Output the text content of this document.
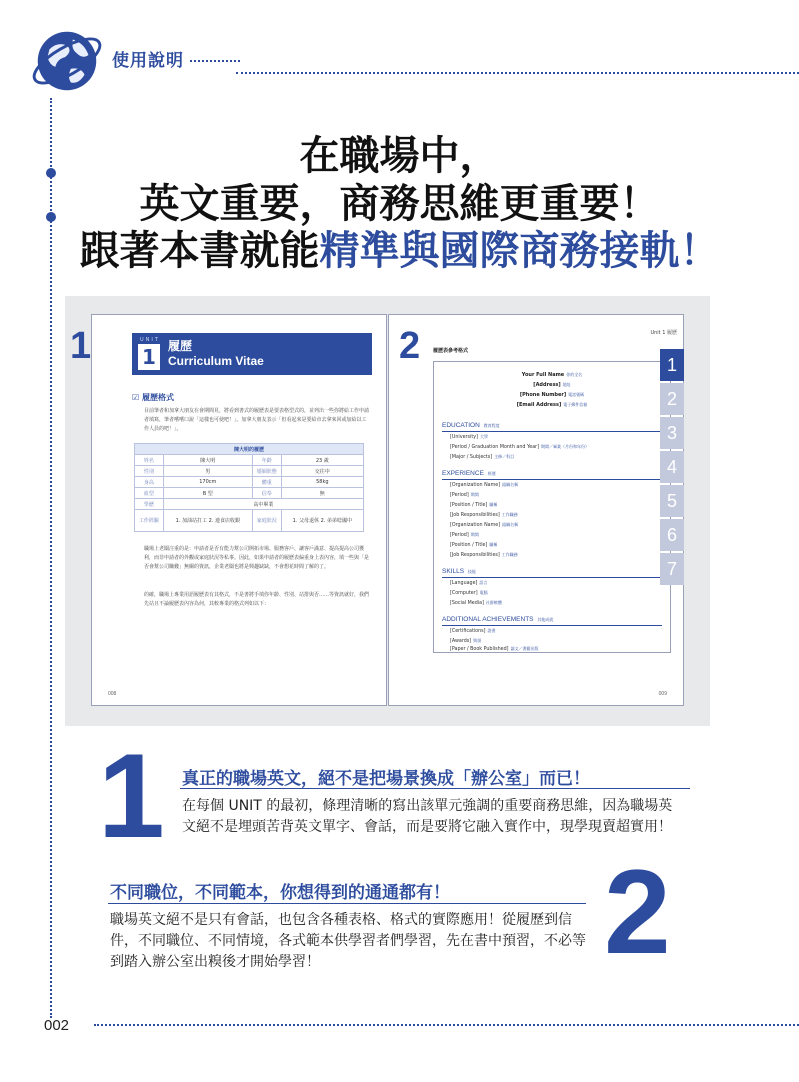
使用說明
在職場中，
英文重要，商務思維更重要！
跟著本書就能精準與國際商務接軌！
1	UNIT
1	履歷
Curriculum Vitae
☑ 履歷格式
目前筆者和加拿大朋友在會期間見，將看到書式的履歷表是要表格型式的，並列出一些你將給工作申請者填寫，筆者嚐嚐口說「這樣也可使吧！」。加拿大朋友表示「但看起來是要給市去拿來回或加給以工作人員的吧！」。
陳大明的履歷			
姓名	陳大明	年齡	23 歲
性別	男	婚姻狀態	交往中
身高	170cm	體重	58kg
血型	B 型	信奉	無
學歷	高中畢業		
工作經驗	1. 加油站打工 2. 連食店收銀	家庭狀況	1. 父母退休 2. 弟弟唸國中
職場上老闆注重的是：申請者是否有能力幫公司開拓市場、服務客戶、讓客戶滿意、提高提高公司獲利，而非申請者的外觀或家庭狀況等私事。因此，如果申請者的履歷表偏重身上表內容，填一些與「是否會幫公司賺錢」無關的資訊，企業老闆也將是興趣缺缺，不會想花時間了解的了。
的確，職場上專業用語履歷表有其格式，不是書將手填你年齡、性別、站排與否……等資訊就好，我們先站且不論履歷表內容為何，其較專業的格式列如以下：
008
2	Unit 1 履歷
履歷表參考格式
Your Full Name 你的全名
[Address] 地址
[Phone Number] 電話號碼
[Email Address] 電子郵件信箱
EDUCATION 教育程度
[University] 大學
[Period / Graduation Month and Year] 期間／畢業（月份和年份）
[Major / Subjects] 主修／科目
EXPERIENCE 經歷
[Organization Name] 組織名稱
[Period] 期間
[Position / Title] 職稱
[Job Responsibilities] 工作職務
[Organization Name] 組織名稱
[Period] 期間
[Position / Title] 職稱
[Job Responsibilities] 工作職務
SKILLS 技能
[Language] 語言
[Computer] 電腦
[Social Media] 社群軟體
ADDITIONAL ACHIEVEMENTS 其他成就
[Certifications] 證書
[Awards] 獎項
[Paper / Book Published] 論文／書籍出版
1
2
3
4
5
6
7
009
1 真正的職場英文，絕不是把場景換成「辦公室」而已！
在每個 UNIT 的最初，條理清晰的寫出該單元強調的重要商務思維，因為職場英文絕不是埋頭苦背英文單字、會話，而是要將它融入實作中，現學現賣超實用！
不同職位，不同範本，你想得到的通通都有！
職場英文絕不是只有會話，也包含各種表格、格式的實際應用！從履歷到信件，不同職位、不同情境，各式範本供學習者們學習，先在書中預習，不必等到踏入辦公室出糗後才開始學習！	2
002
